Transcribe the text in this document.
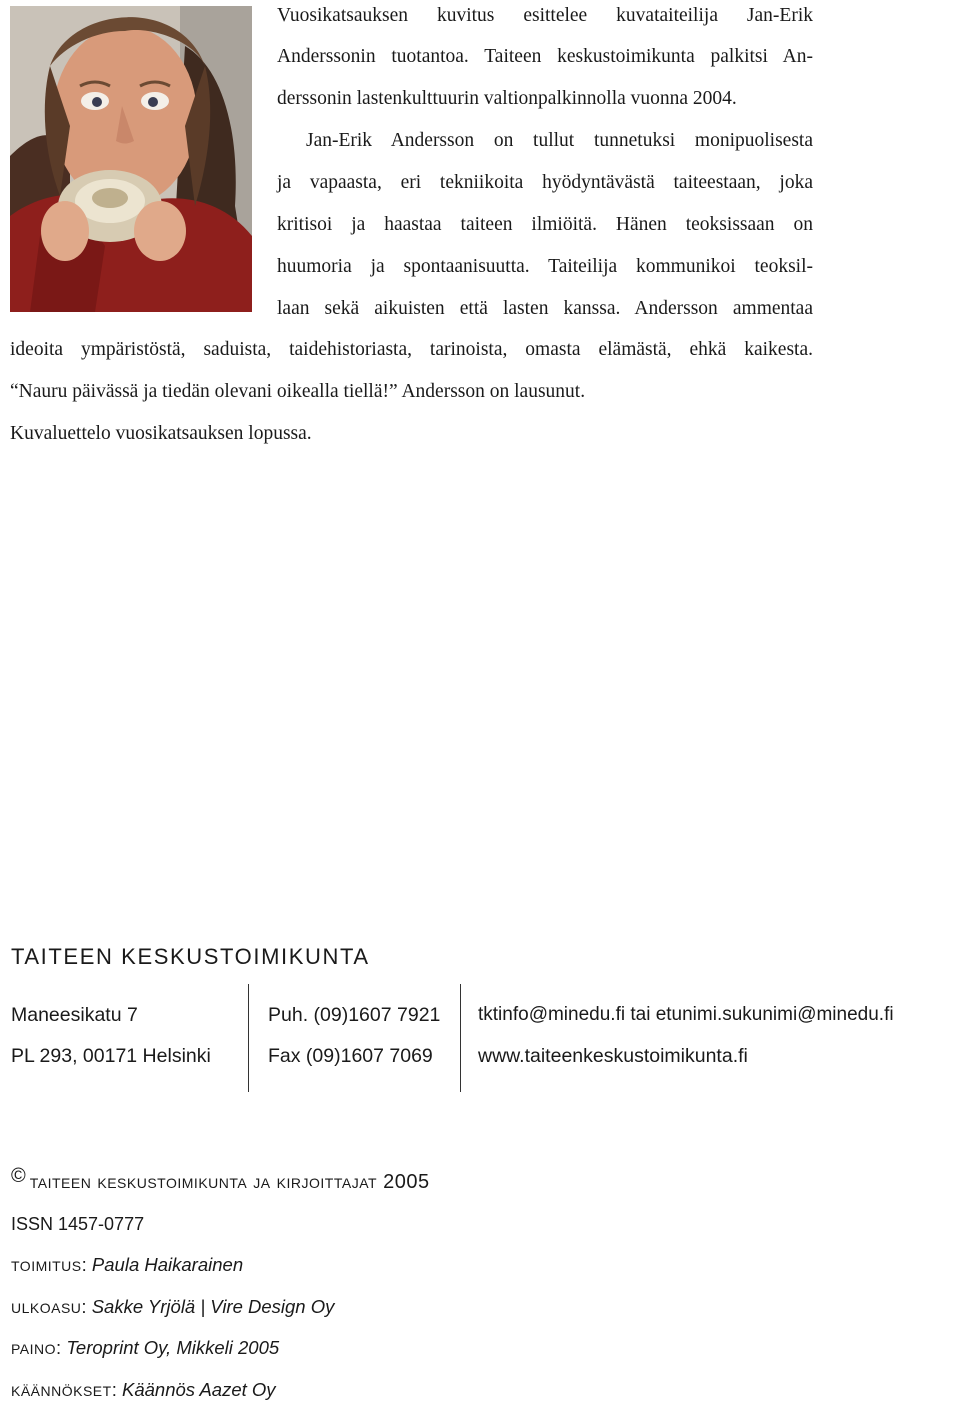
Vuosikatsauksen kuvitus esittelee kuvataiteilija Jan-Erik
Anderssonin tuotantoa. Taiteen keskustoimikunta palkitsi An-
derssonin lastenkulttuurin valtionpalkinnolla vuonna 2004.
Jan-Erik Andersson on tullut tunnetuksi monipuolisesta
ja vapaasta, eri tekniikoita hyödyntävästä taiteestaan, joka
kritisoi ja haastaa taiteen ilmiöitä. Hänen teoksissaan on
huumoria ja spontaanisuutta. Taiteilija kommunikoi teoksil-
laan sekä aikuisten että lasten kanssa. Andersson ammentaa
ideoita ympäristöstä, saduista, taidehistoriasta, tarinoista, omasta elämästä, ehkä kaikesta.
“Nauru päivässä ja tiedän olevani oikealla tiellä!” Andersson on lausunut.
Kuvaluettelo vuosikatsauksen lopussa.
TAITEEN KESKUSTOIMIKUNTA
Maneesikatu 7
PL 293, 00171 Helsinki
Puh. (09)1607 7921
Fax (09)1607 7069
tktinfo@minedu.fi tai etunimi.sukunimi@minedu.fi
www.taiteenkeskustoimikunta.fi
© taiteen keskustoimikunta ja kirjoittajat 2005
ISSN 1457-0777
toimitus: Paula Haikarainen
ulkoasu: Sakke Yrjölä | Vire Design Oy
paino: Teroprint Oy, Mikkeli 2005
käännökset: Käännös Aazet Oy
